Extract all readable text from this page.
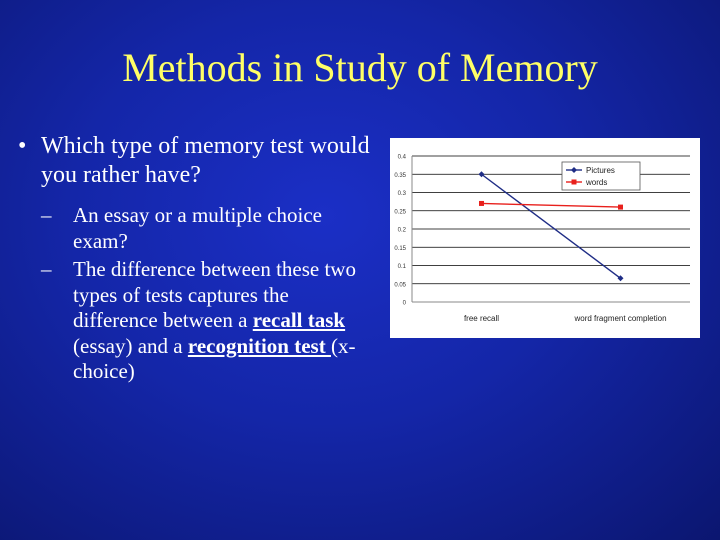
Methods in Study of Memory
• Which type of memory test would you rather have?
– An essay or a multiple choice exam?
– The difference between these two types of tests captures the difference between a recall task (essay) and a recognition test (x-choice)
0
0.05
0.1
0.15
0.2
0.25
0.3
0.35
0.4
free recall	word fragment completion
Pictures
words
